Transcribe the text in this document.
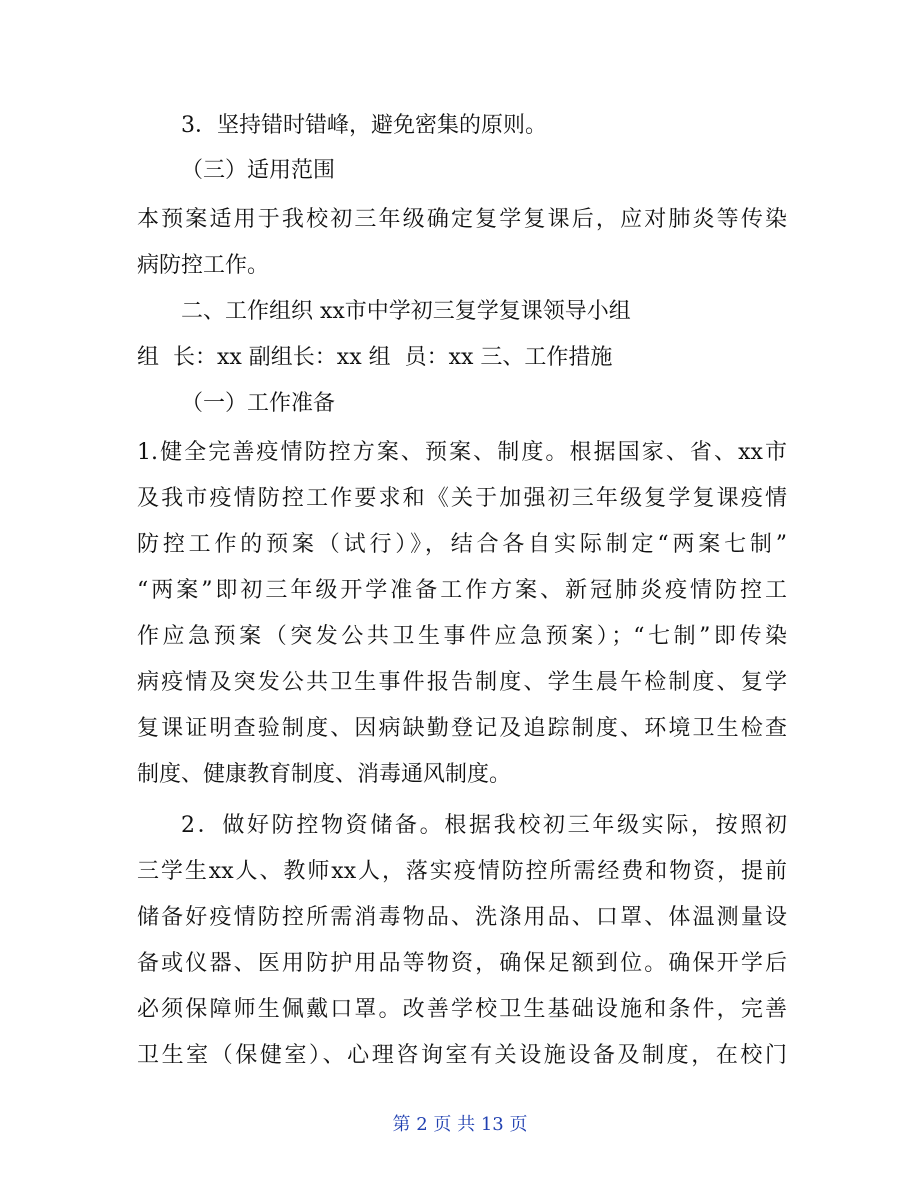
3．坚持错时错峰，避免密集的原则。
（三）适用范围
本预案适用于我校初三年级确定复学复课后，应对肺炎等传染
病防控工作。
二、工作组织 xx市中学初三复学复课领导小组
组  长：xx 副组长：xx 组  员：xx 三、工作措施
（一）工作准备
1.健全完善疫情防控方案、预案、制度。根据国家、省、xx市
及我市疫情防控工作要求和《关于加强初三年级复学复课疫情
防控工作的预案（试行）》，结合各自实际制定“两案七制”
“两案”即初三年级开学准备工作方案、新冠肺炎疫情防控工
作应急预案（突发公共卫生事件应急预案）；“七制”即传染
病疫情及突发公共卫生事件报告制度、学生晨午检制度、复学
复课证明查验制度、因病缺勤登记及追踪制度、环境卫生检查
制度、健康教育制度、消毒通风制度。
2．做好防控物资储备。根据我校初三年级实际，按照初
三学生xx人、教师xx人，落实疫情防控所需经费和物资，提前
储备好疫情防控所需消毒物品、洗涤用品、口罩、体温测量设
备或仪器、医用防护用品等物资，确保足额到位。确保开学后
必须保障师生佩戴口罩。改善学校卫生基础设施和条件，完善
卫生室（保健室）、心理咨询室有关设施设备及制度，在校门
第 2 页 共 13 页
